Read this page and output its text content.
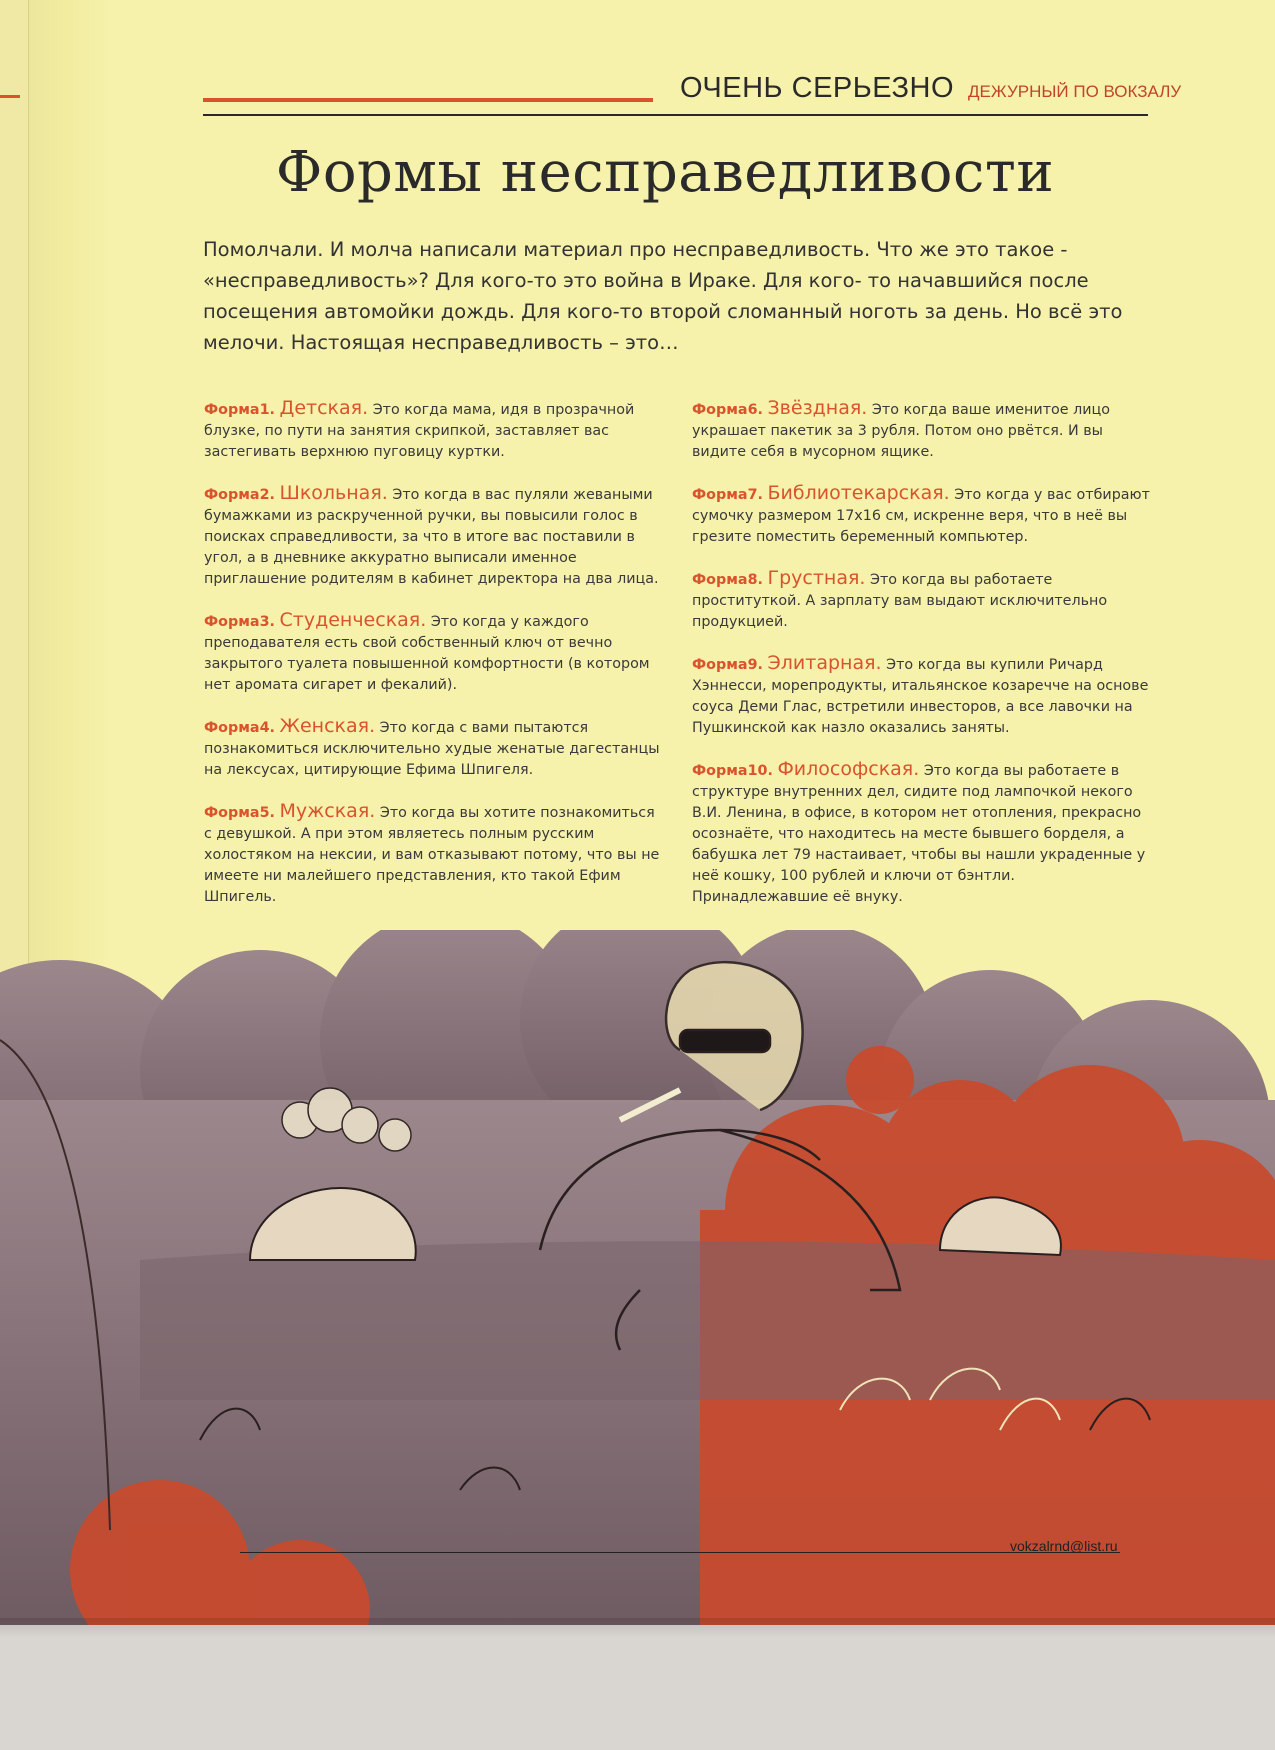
ОЧЕНЬ СЕРЬЕЗНО ДЕЖУРНЫЙ ПО ВОКЗАЛУ
Формы несправедливости

Помолчали. И молча написали материал про несправедливость. Что же это такое - «несправедливость»? Для кого-то это война в Ираке. Для кого- то начавшийся после посещения автомойки дождь. Для кого-то второй сломанный ноготь за день. Но всё это мелочи. Настоящая несправедливость – это…

Форма1. Детская. Это когда мама, идя в прозрачной блузке, по пути на занятия скрипкой, заставляет вас застегивать верхнюю пуговицу куртки.

Форма2. Школьная. Это когда в вас пуляли жеваными бумажками из раскрученной ручки, вы повысили голос в поисках справедливости, за что в итоге вас поставили в угол, а в дневнике аккуратно выписали именное приглашение родителям в кабинет директора на два лица.

Форма3. Студенческая. Это когда у каждого преподавателя есть свой собственный ключ от вечно закрытого туалета повышенной комфортности (в котором нет аромата сигарет и фекалий).

Форма4. Женская. Это когда с вами пытаются познакомиться исключительно худые женатые дагестанцы на лексусах, цитирующие Ефима Шпигеля.

Форма5. Мужская. Это когда вы хотите познакомиться с девушкой. А при этом являетесь полным русским холостяком на нексии, и вам отказывают потому, что вы не имеете ни малейшего представления, кто такой Ефим Шпигель.

Форма6. Звёздная. Это когда ваше именитое лицо украшает пакетик за 3 рубля. Потом оно рвётся. И вы видите себя в мусорном ящике.

Форма7. Библиотекарская. Это когда у вас отбирают сумочку размером 17х16 см, искренне веря, что в неё вы грезите поместить беременный компьютер.

Форма8. Грустная. Это когда вы работаете проституткой. А зарплату вам выдают исключительно продукцией.

Форма9. Элитарная. Это когда вы купили Ричард Хэннесси, морепродукты, итальянское козаречче на основе соуса Деми Глас, встретили инвесторов, а все лавочки на Пушкинской как назло оказались заняты.

Форма10. Философская. Это когда вы работаете в структуре внутренних дел, сидите под лампочкой некого В.И. Ленина, в офисе, в котором нет отопления, прекрасно осознаёте, что находитесь на месте бывшего борделя, а бабушка лет 79 настаивает, чтобы вы нашли украденные у неё кошку, 100 рублей и ключи от бэнтли. Принадлежавшие её внуку.

vokzalrnd@list.ru
